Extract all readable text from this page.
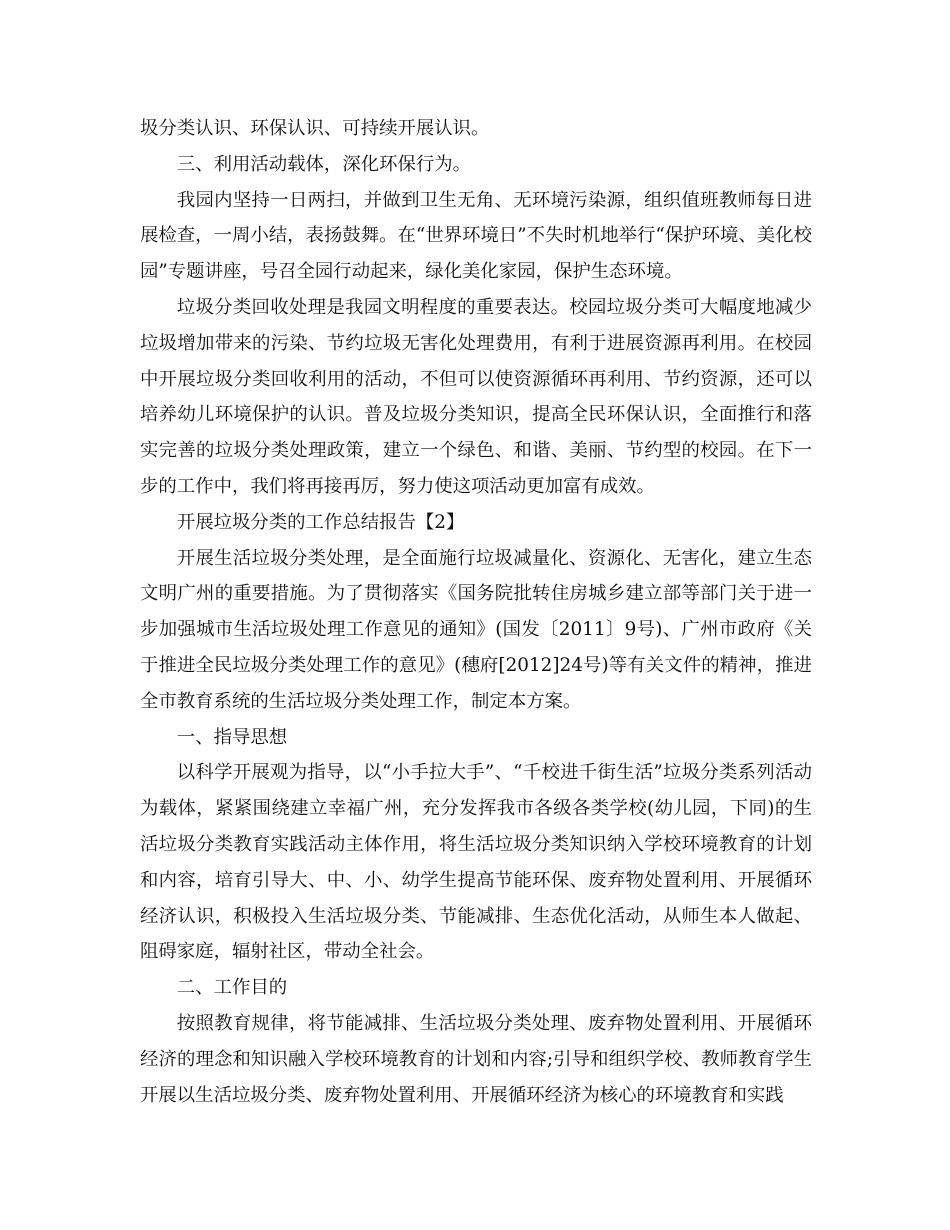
圾分类认识、环保认识、可持续开展认识。

三、利用活动载体，深化环保行为。

我园内坚持一日两扫，并做到卫生无角、无环境污染源，组织值班教师每日进展检查，一周小结，表扬鼓舞。在“世界环境日”不失时机地举行“保护环境、美化校园”专题讲座，号召全园行动起来，绿化美化家园，保护生态环境。

垃圾分类回收处理是我园文明程度的重要表达。校园垃圾分类可大幅度地减少垃圾增加带来的污染、节约垃圾无害化处理费用，有利于进展资源再利用。在校园中开展垃圾分类回收利用的活动，不但可以使资源循环再利用、节约资源，还可以培养幼儿环境保护的认识。普及垃圾分类知识，提高全民环保认识，全面推行和落实完善的垃圾分类处理政策，建立一个绿色、和谐、美丽、节约型的校园。在下一步的工作中，我们将再接再厉，努力使这项活动更加富有成效。

开展垃圾分类的工作总结报告【2】

开展生活垃圾分类处理，是全面施行垃圾减量化、资源化、无害化，建立生态文明广州的重要措施。为了贯彻落实《国务院批转住房城乡建立部等部门关于进一步加强城市生活垃圾处理工作意见的通知》(国发〔2011〕9号)、广州市政府《关于推进全民垃圾分类处理工作的意见》(穗府[2012]24号)等有关文件的精神，推进全市教育系统的生活垃圾分类处理工作，制定本方案。

一、指导思想

以科学开展观为指导，以“小手拉大手”、“千校进千街生活”垃圾分类系列活动为载体，紧紧围绕建立幸福广州，充分发挥我市各级各类学校(幼儿园，下同)的生活垃圾分类教育实践活动主体作用，将生活垃圾分类知识纳入学校环境教育的计划和内容，培育引导大、中、小、幼学生提高节能环保、废弃物处置利用、开展循环经济认识，积极投入生活垃圾分类、节能减排、生态优化活动，从师生本人做起、阻碍家庭，辐射社区，带动全社会。

二、工作目的

按照教育规律，将节能减排、生活垃圾分类处理、废弃物处置利用、开展循环经济的理念和知识融入学校环境教育的计划和内容;引导和组织学校、教师教育学生开展以生活垃圾分类、废弃物处置利用、开展循环经济为核心的环境教育和实践
